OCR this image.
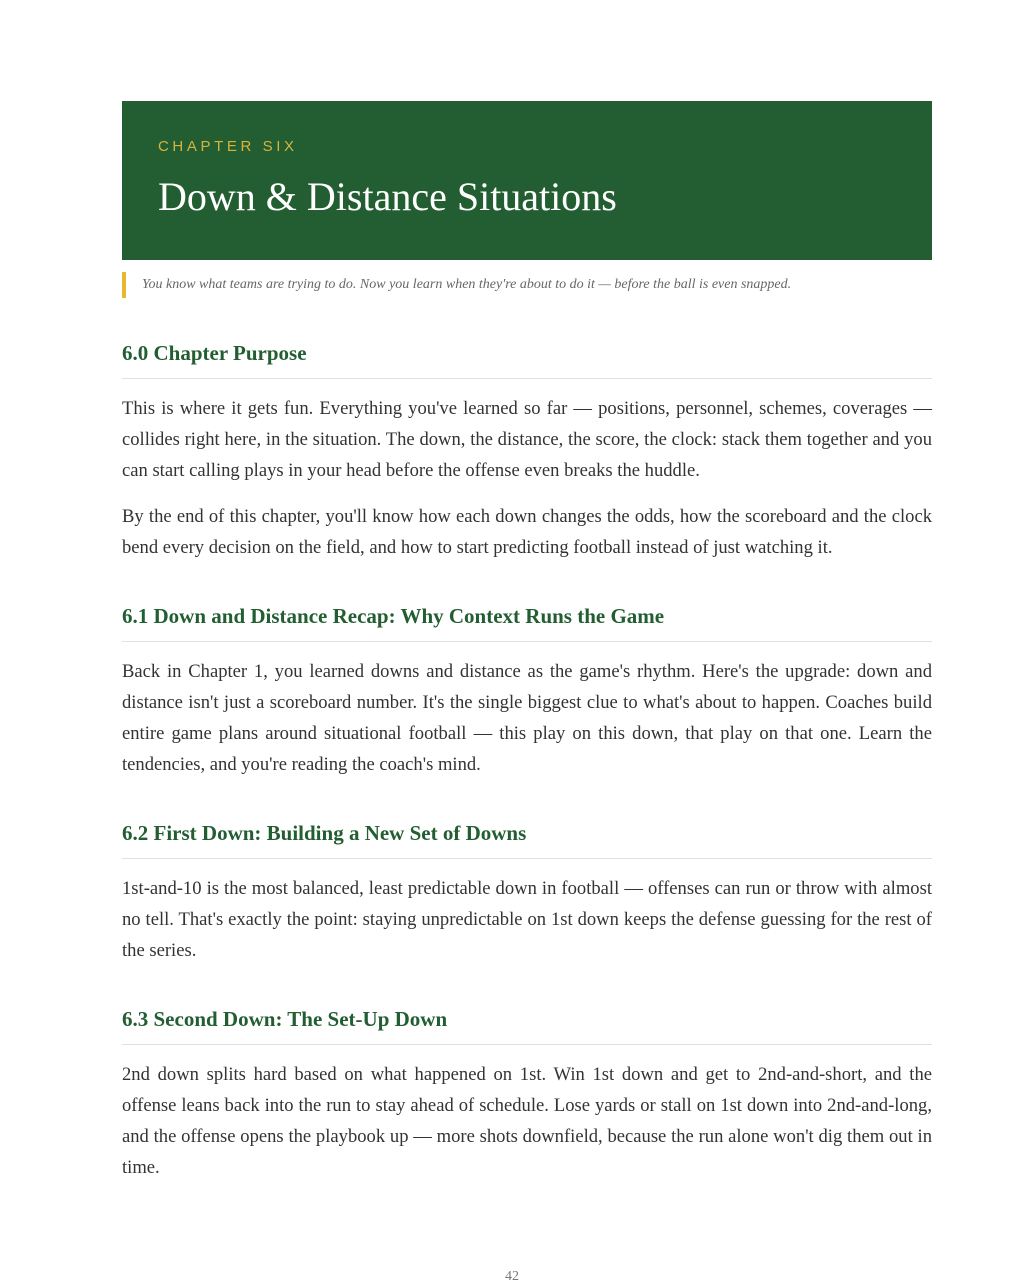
CHAPTER SIX

Down & Distance Situations
You know what teams are trying to do. Now you learn when they're about to do it — before the ball is even snapped.
6.0 Chapter Purpose

This is where it gets fun. Everything you've learned so far — positions, personnel, schemes, coverages — collides right here, in the situation. The down, the distance, the score, the clock: stack them together and you can start calling plays in your head before the offense even breaks the huddle.

By the end of this chapter, you'll know how each down changes the odds, how the scoreboard and the clock bend every decision on the field, and how to start predicting football instead of just watching it.

6.1 Down and Distance Recap: Why Context Runs the Game

Back in Chapter 1, you learned downs and distance as the game's rhythm. Here's the upgrade: down and distance isn't just a scoreboard number. It's the single biggest clue to what's about to happen. Coaches build entire game plans around situational football — this play on this down, that play on that one. Learn the tendencies, and you're reading the coach's mind.

6.2 First Down: Building a New Set of Downs

1st-and-10 is the most balanced, least predictable down in football — offenses can run or throw with almost no tell. That's exactly the point: staying unpredictable on 1st down keeps the defense guessing for the rest of the series.

6.3 Second Down: The Set-Up Down

2nd down splits hard based on what happened on 1st. Win 1st down and get to 2nd-and-short, and the offense leans back into the run to stay ahead of schedule. Lose yards or stall on 1st down into 2nd-and-long, and the offense opens the playbook up — more shots downfield, because the run alone won't dig them out in time.

42
